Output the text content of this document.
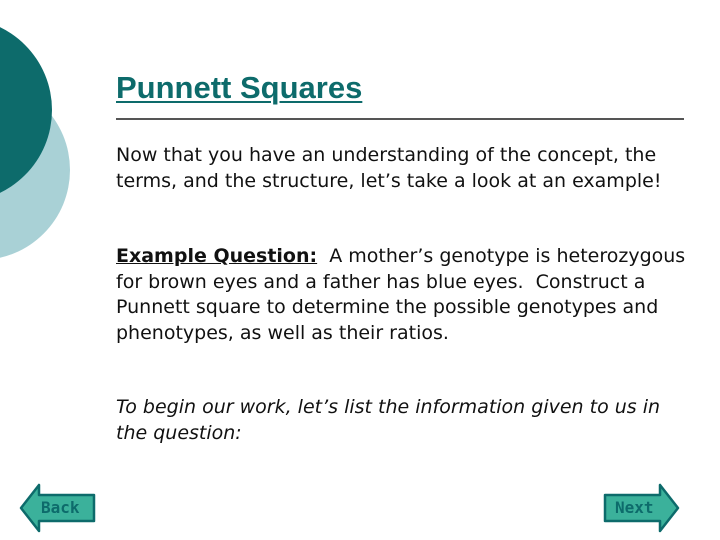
Punnett Squares

Now that you have an understanding of the concept, the terms, and the structure, let’s take a look at an example!

Example Question:  A mother’s genotype is heterozygous for brown eyes and a father has blue eyes.  Construct a Punnett square to determine the possible genotypes and phenotypes, as well as their ratios.

To begin our work, let’s list the information given to us in the question:

Back	Next
